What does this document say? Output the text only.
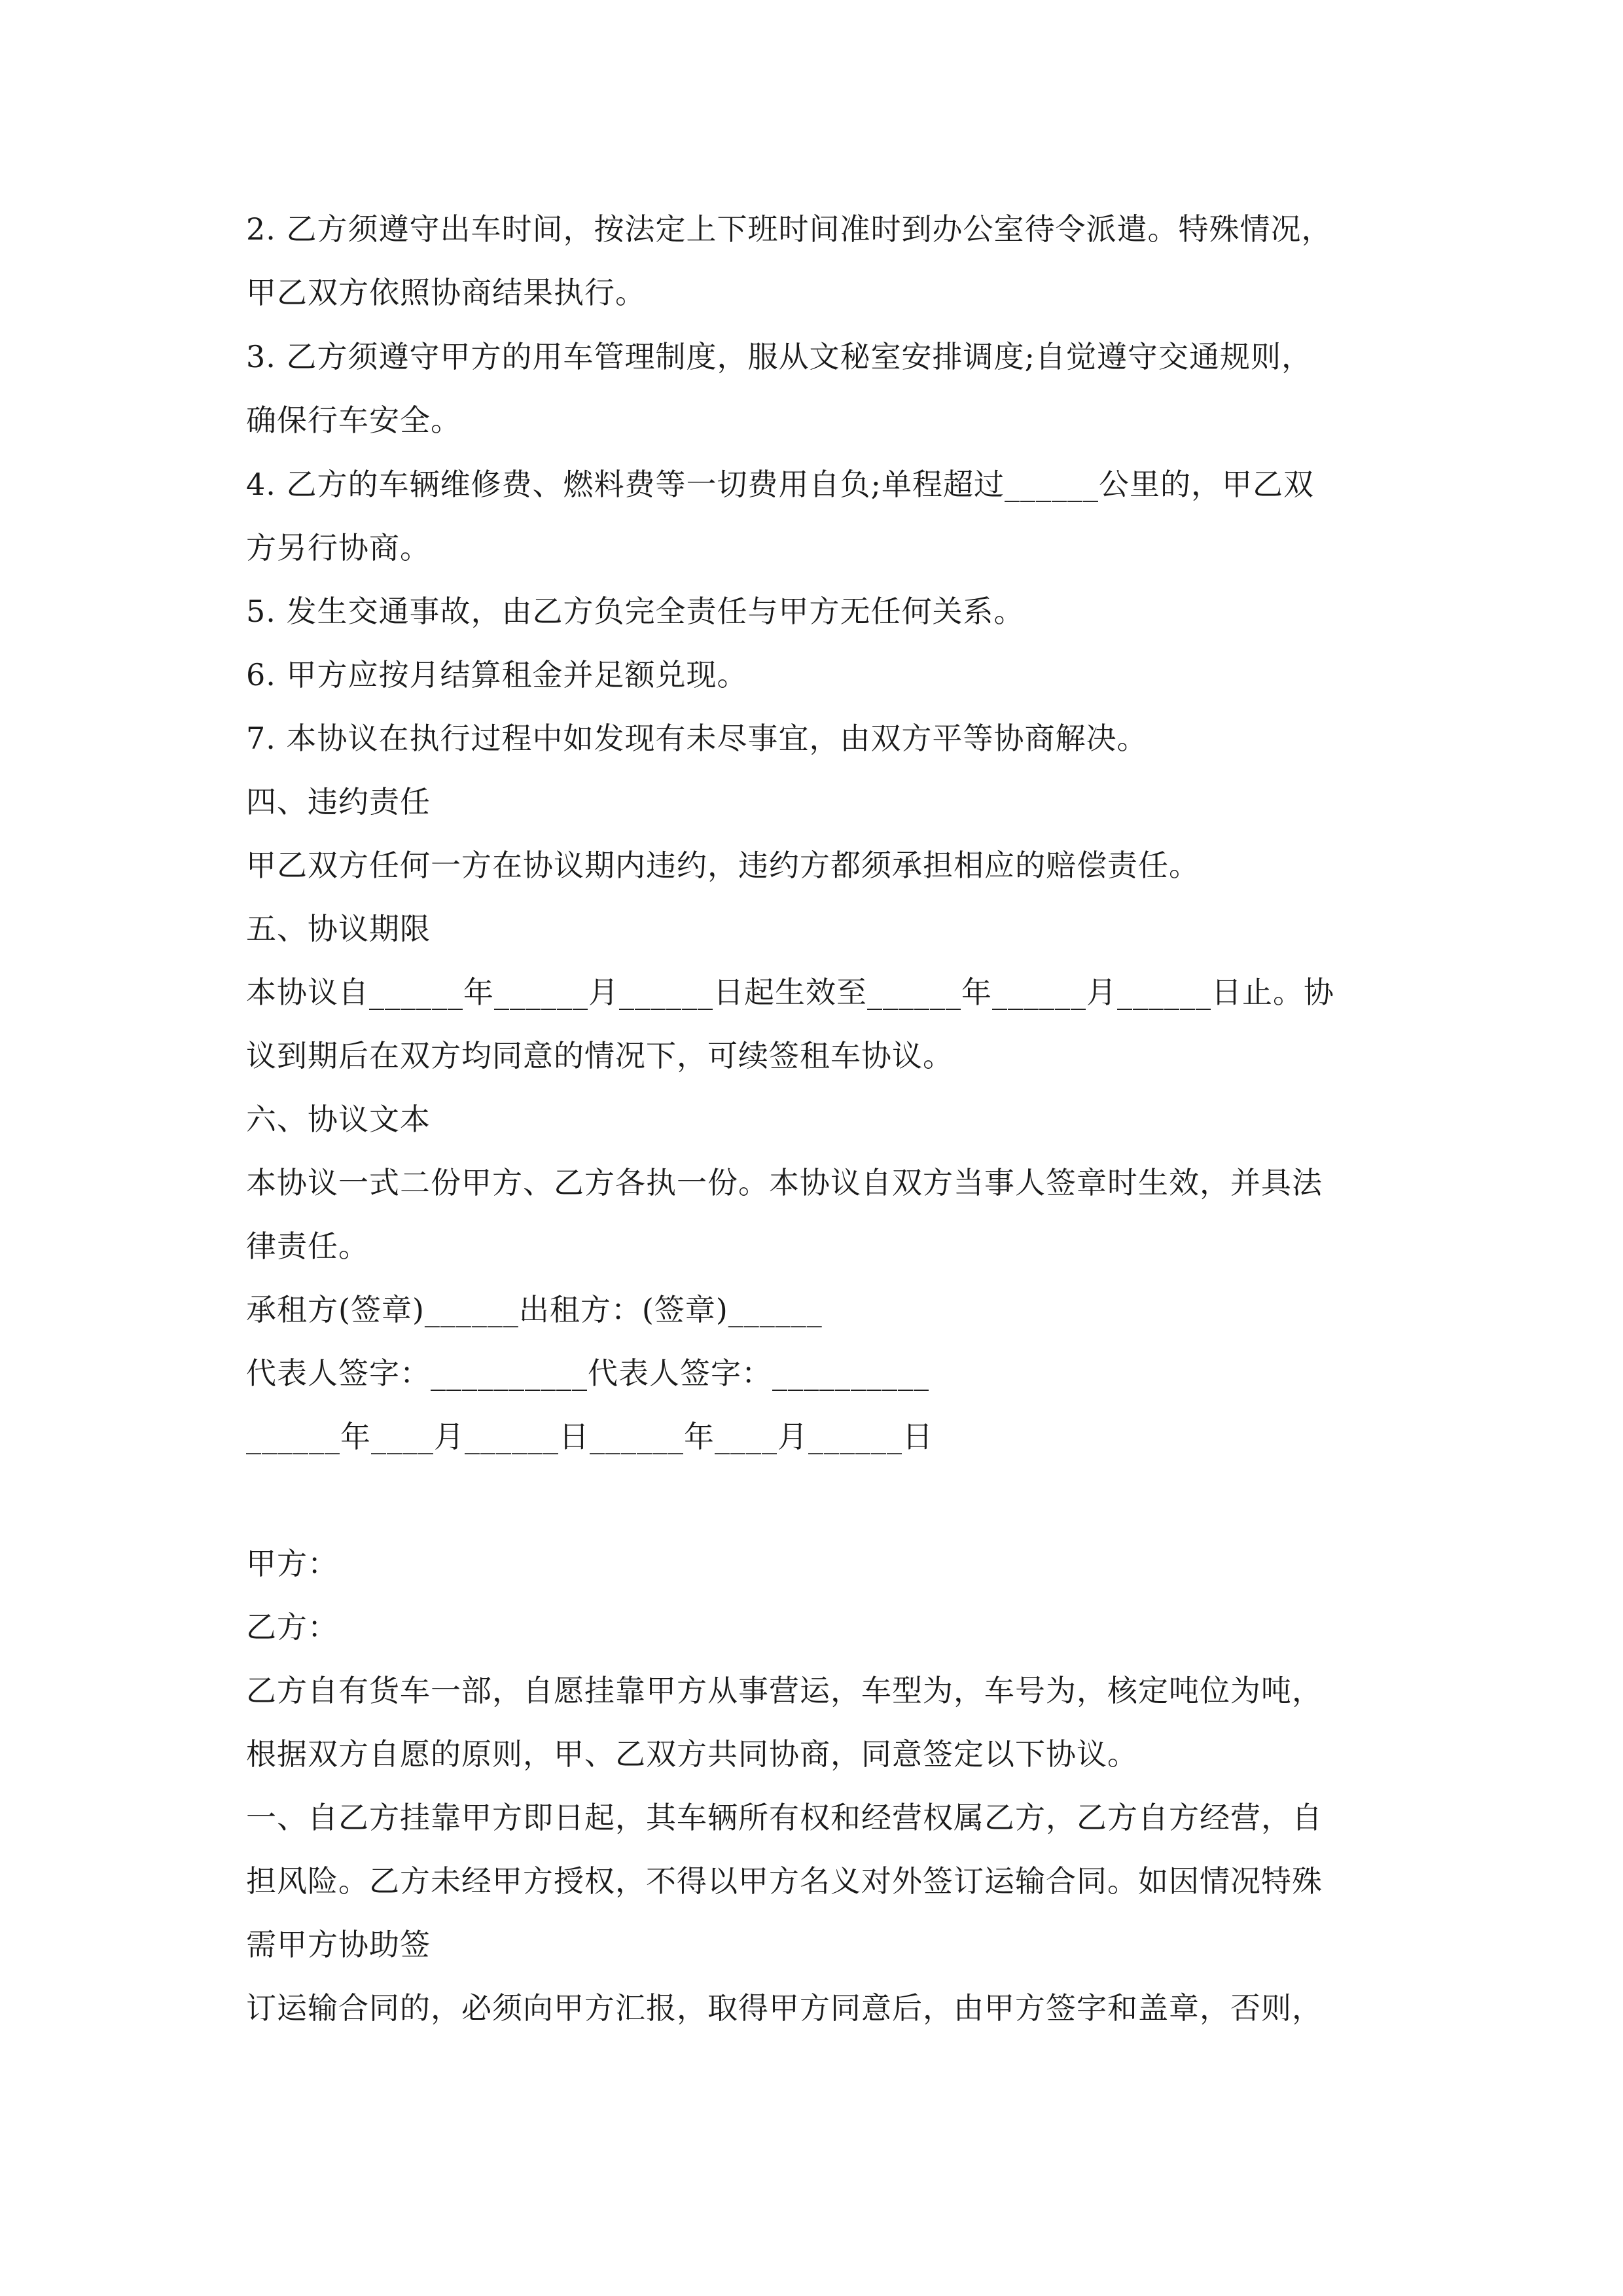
2. 乙方须遵守出车时间，按法定上下班时间准时到办公室待令派遣。特殊情况，
甲乙双方依照协商结果执行。
3. 乙方须遵守甲方的用车管理制度，服从文秘室安排调度;自觉遵守交通规则，
确保行车安全。
4. 乙方的车辆维修费、燃料费等一切费用自负;单程超过______公里的，甲乙双
方另行协商。
5. 发生交通事故，由乙方负完全责任与甲方无任何关系。
6. 甲方应按月结算租金并足额兑现。
7. 本协议在执行过程中如发现有未尽事宜，由双方平等协商解决。
四、违约责任
甲乙双方任何一方在协议期内违约，违约方都须承担相应的赔偿责任。
五、协议期限
本协议自______年______月______日起生效至______年______月______日止。协
议到期后在双方均同意的情况下，可续签租车协议。
六、协议文本
本协议一式二份甲方、乙方各执一份。本协议自双方当事人签章时生效，并具法
律责任。
承租方(签章)______出租方：(签章)______
代表人签字：__________代表人签字：__________
______年____月______日______年____月______日
甲方：
乙方：
乙方自有货车一部，自愿挂靠甲方从事营运，车型为，车号为，核定吨位为吨，
根据双方自愿的原则，甲、乙双方共同协商，同意签定以下协议。
一、自乙方挂靠甲方即日起，其车辆所有权和经营权属乙方，乙方自方经营，自
担风险。乙方未经甲方授权，不得以甲方名义对外签订运输合同。如因情况特殊
需甲方协助签
订运输合同的，必须向甲方汇报，取得甲方同意后，由甲方签字和盖章，否则，
